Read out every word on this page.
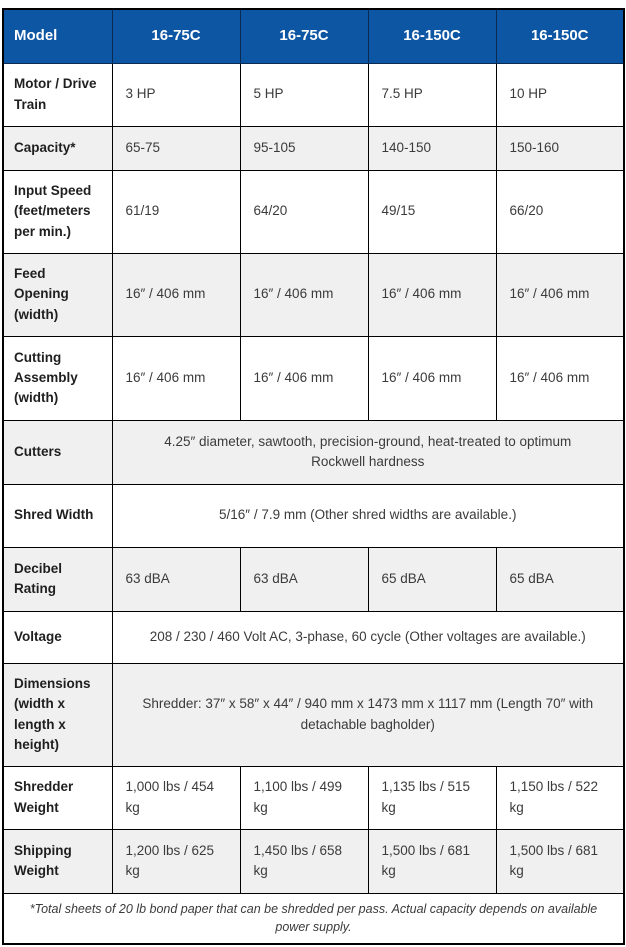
Model	16-75C	16-75C	16-150C	16-150C
Motor / Drive Train	3 HP	5 HP	7.5 HP	10 HP
Capacity*	65-75	95-105	140-150	150-160
Input Speed (feet/meters per min.)	61/19	64/20	49/15	66/20
Feed Opening (width)	16″ / 406 mm	16″ / 406 mm	16″ / 406 mm	16″ / 406 mm
Cutting Assembly (width)	16″ / 406 mm	16″ / 406 mm	16″ / 406 mm	16″ / 406 mm
Cutters	4.25″ diameter, sawtooth, precision-ground, heat-treated to optimum Rockwell hardness			
Shred Width	5/16″ / 7.9 mm (Other shred widths are available.)			
Decibel Rating	63 dBA	63 dBA	65 dBA	65 dBA
Voltage	208 / 230 / 460 Volt AC, 3-phase, 60 cycle (Other voltages are available.)			
Dimensions (width x length x height)	Shredder: 37″ x 58″ x 44″ / 940 mm x 1473 mm x 1117 mm (Length 70″ with detachable bagholder)			
Shredder Weight	1,000 lbs / 454 kg	1,100 lbs / 499 kg	1,135 lbs / 515 kg	1,150 lbs / 522 kg
Shipping Weight	1,200 lbs / 625 kg	1,450 lbs / 658 kg	1,500 lbs / 681 kg	1,500 lbs / 681 kg
*Total sheets of 20 lb bond paper that can be shredded per pass. Actual capacity depends on available power supply.				
